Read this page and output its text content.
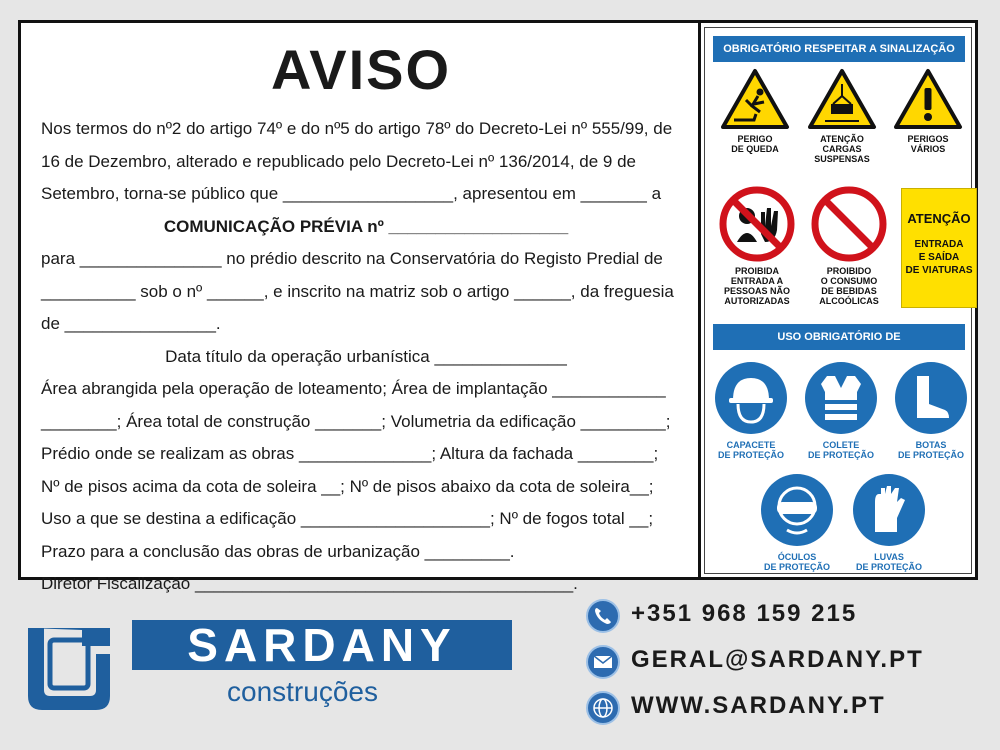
AVISO
Nos termos do nº2 do artigo 74º e do nº5 do artigo 78º do Decreto-Lei nº 555/99, de
16 de Dezembro, alterado e republicado pelo Decreto-Lei nº 136/2014, de 9 de
Setembro, torna-se público que __________________, apresentou em _______ a
COMUNICAÇÃO PRÉVIA nº ___________________
para _______________ no prédio descrito na Conservatória do Registo Predial de
__________ sob o nº ______, e inscrito na matriz sob o artigo ______, da freguesia
de ________________.
Data título da operação urbanística ______________
Área abrangida pela operação de loteamento; Área de implantação ____________
________; Área total de construção _______; Volumetria da edificação _________;
Prédio onde se realizam as obras ______________; Altura da fachada ________;
Nº de pisos acima da cota de soleira __; Nº de pisos abaixo da cota de soleira__;
Uso a que se destina a edificação ____________________; Nº de fogos total __;
Prazo para a conclusão das obras de urbanização _________.
Diretor Fiscalização ________________________________________.
OBRIGATÓRIO RESPEITAR A SINALIZAÇÃO
PERIGO
DE QUEDA
ATENÇÃO
CARGAS
SUSPENSAS
PERIGOS
VÁRIOS
PROIBIDA
ENTRADA A
PESSOAS NÃO
AUTORIZADAS
PROIBIDO
O CONSUMO
DE BEBIDAS
ALCOÓLICAS
ATENÇÃO
ENTRADA
E SAÍDA
DE VIATURAS
USO OBRIGATÓRIO DE
CAPACETE
DE PROTEÇÃO
COLETE
DE PROTEÇÃO
BOTAS
DE PROTEÇÃO
ÓCULOS
DE PROTEÇÃO
LUVAS
DE PROTEÇÃO
SARDANY
construções
+351 968 159 215
GERAL@SARDANY.PT
WWW.SARDANY.PT
